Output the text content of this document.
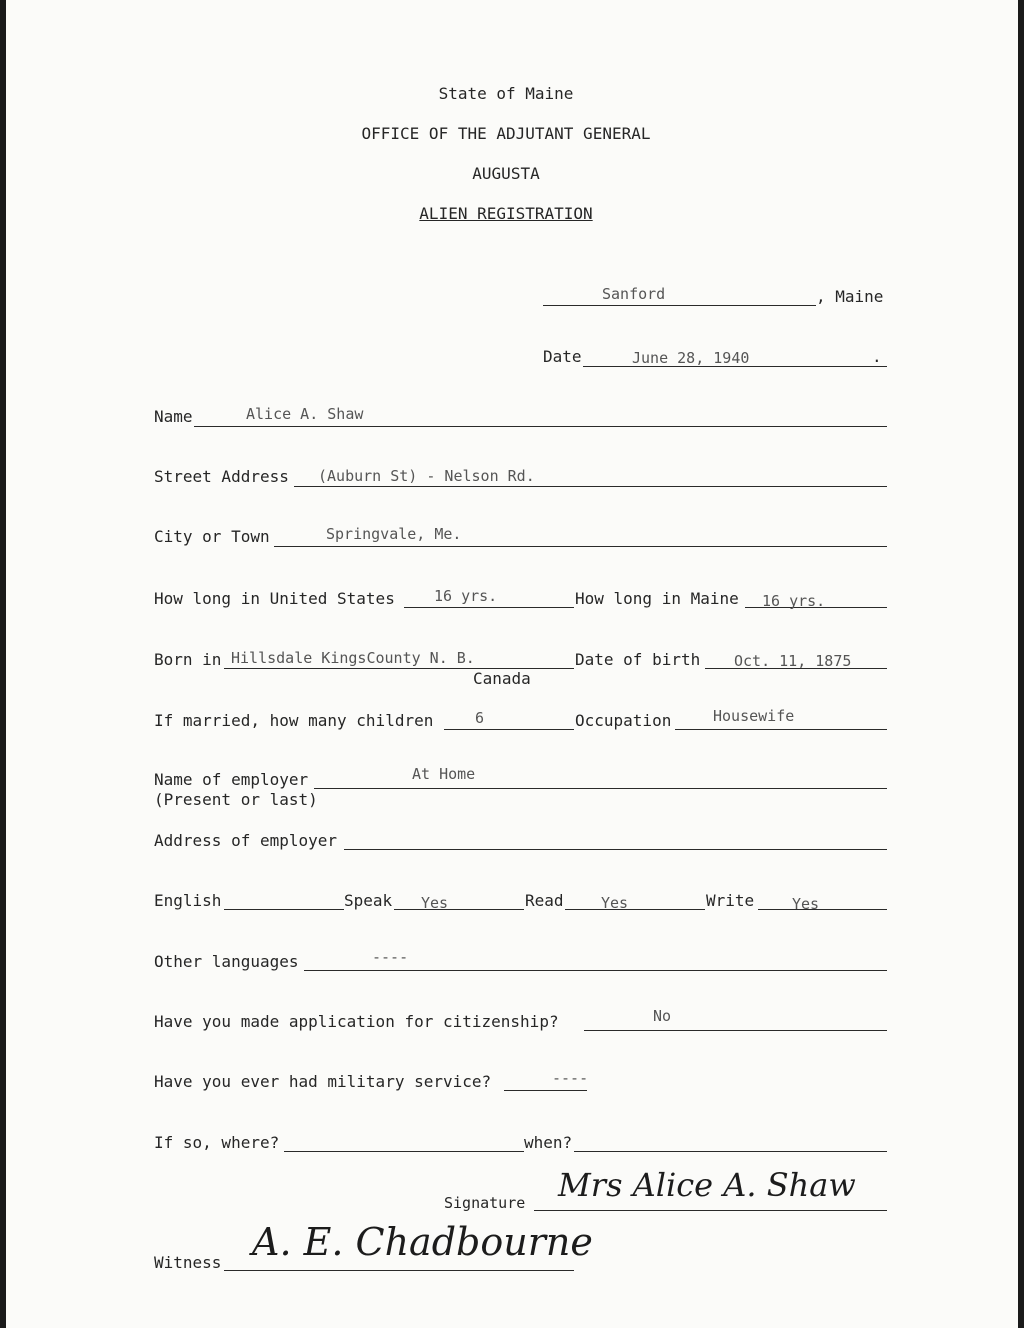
State of Maine
OFFICE OF THE ADJUTANT GENERAL
AUGUSTA
ALIEN REGISTRATION
Sanford	, Maine
Date	June 28, 1940	.
Name	Alice A. Shaw
Street Address (Auburn St) - Nelson Rd.
City or Town	Springvale, Me.
How long in United States	16 yrs.	How long in Maine 16 yrs.
Born in Hillsdale KingsCounty N. B.
Canada
Date of birth Oct. 11, 1875
If married, how many children	6	Occupation	Housewife
Name of employer	At Home
(Present or last)
Address of employer
English	Speak Yes	Read Yes	Write	Yes
Other languages	----
Have you made application for citizenship?	No
Have you ever had military service?	----
If so, where?	when?
Signature Mrs Alice A. Shaw
Witness A. E. Chadbourne
